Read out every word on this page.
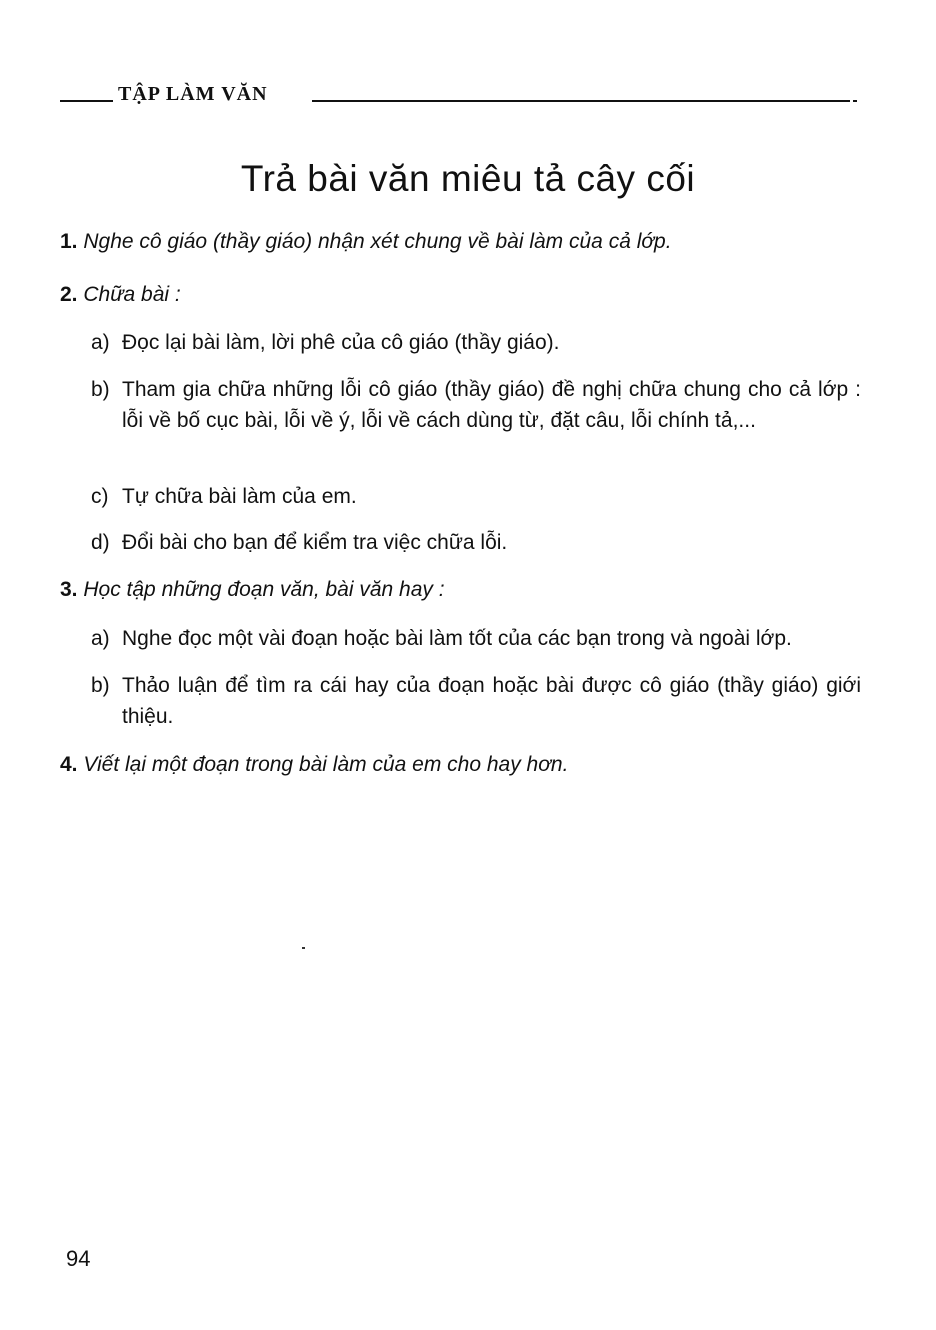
TẬP LÀM VĂN
Trả bài văn miêu tả cây cối
1. Nghe cô giáo (thầy giáo) nhận xét chung về bài làm của cả lớp.
2. Chữa bài :
a) Đọc lại bài làm, lời phê của cô giáo (thầy giáo).
b) Tham gia chữa những lỗi cô giáo (thầy giáo) đề nghị chữa chung cho cả lớp : lỗi về bố cục bài, lỗi về ý, lỗi về cách dùng từ, đặt câu, lỗi chính tả,...
c) Tự chữa bài làm của em.
d) Đổi bài cho bạn để kiểm tra việc chữa lỗi.
3. Học tập những đoạn văn, bài văn hay :
a) Nghe đọc một vài đoạn hoặc bài làm tốt của các bạn trong và ngoài lớp.
b) Thảo luận để tìm ra cái hay của đoạn hoặc bài được cô giáo (thầy giáo) giới thiệu.
4. Viết lại một đoạn trong bài làm của em cho hay hơn.
94
